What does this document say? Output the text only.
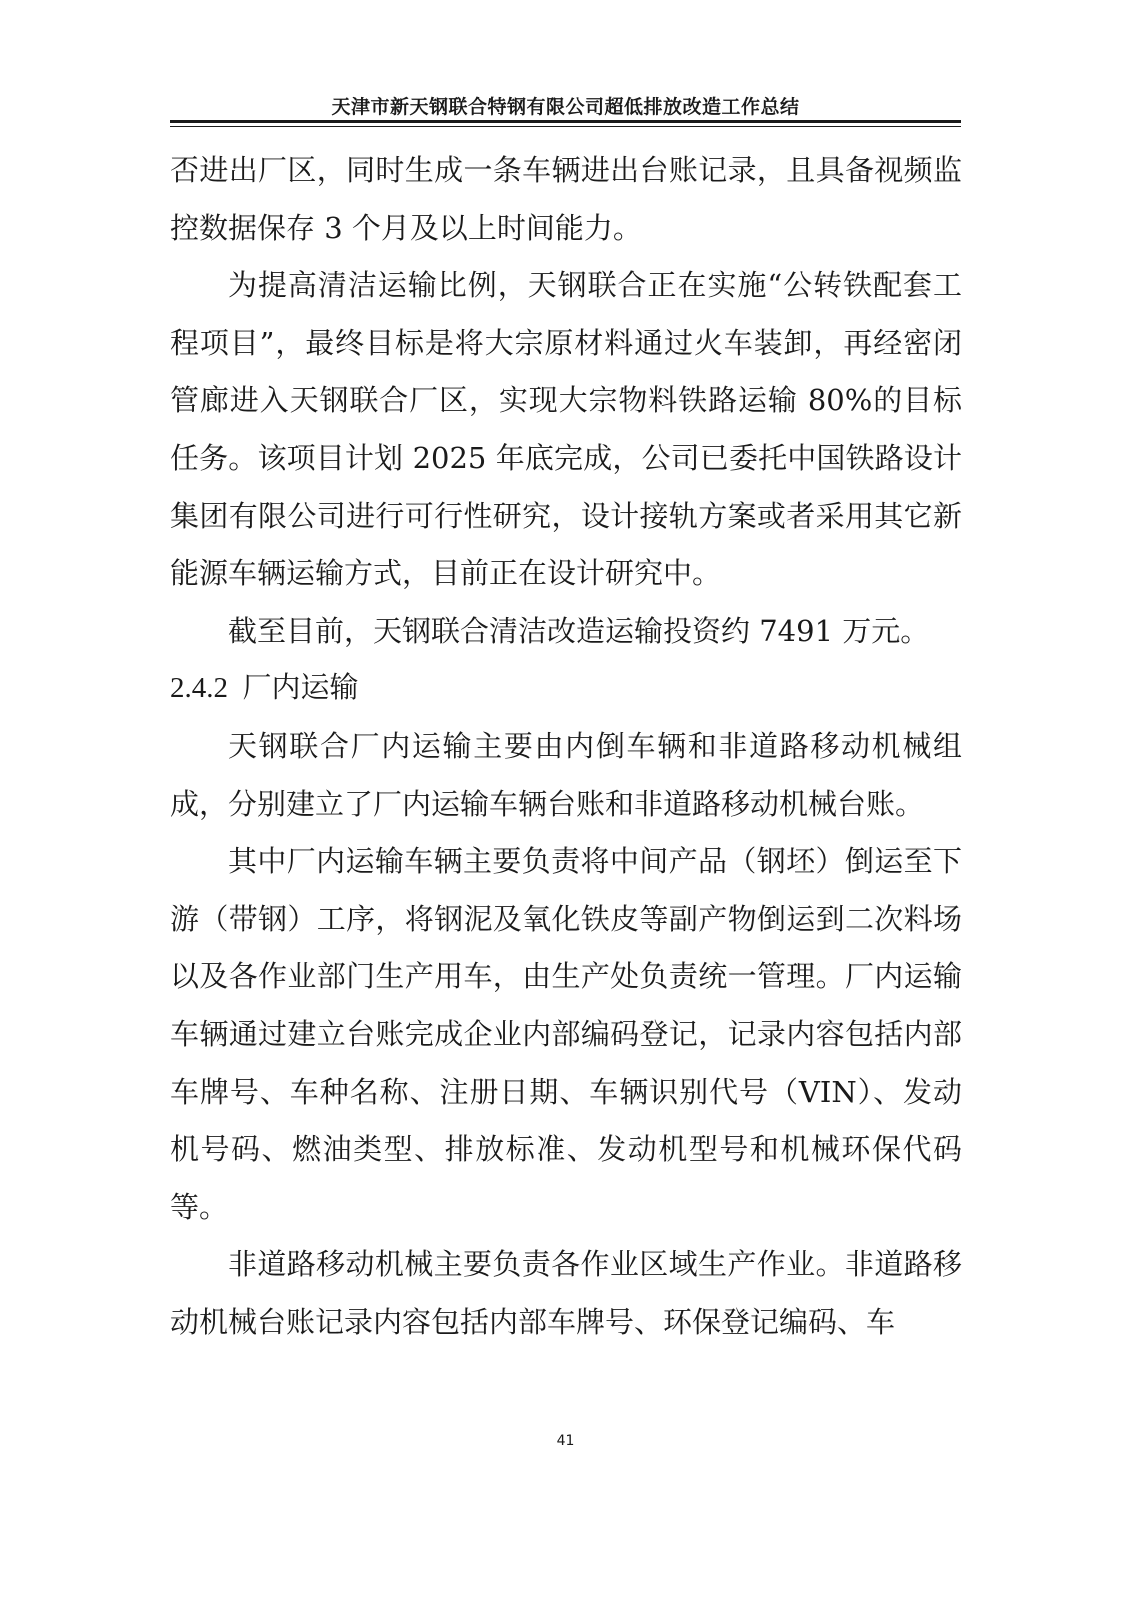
天津市新天钢联合特钢有限公司超低排放改造工作总结

否进出厂区，同时生成一条车辆进出台账记录，且具备视频监控数据保存 3 个月及以上时间能力。

为提高清洁运输比例，天钢联合正在实施“公转铁配套工程项目”，最终目标是将大宗原材料通过火车装卸，再经密闭管廊进入天钢联合厂区，实现大宗物料铁路运输 80%的目标任务。该项目计划 2025 年底完成，公司已委托中国铁路设计集团有限公司进行可行性研究，设计接轨方案或者采用其它新能源车辆运输方式，目前正在设计研究中。

截至目前，天钢联合清洁改造运输投资约 7491 万元。

2.4.2 厂内运输

天钢联合厂内运输主要由内倒车辆和非道路移动机械组成，分别建立了厂内运输车辆台账和非道路移动机械台账。

其中厂内运输车辆主要负责将中间产品（钢坯）倒运至下游（带钢）工序，将钢泥及氧化铁皮等副产物倒运到二次料场以及各作业部门生产用车，由生产处负责统一管理。厂内运输车辆通过建立台账完成企业内部编码登记，记录内容包括内部车牌号、车种名称、注册日期、车辆识别代号（VIN）、发动机号码、燃油类型、排放标准、发动机型号和机械环保代码等。

非道路移动机械主要负责各作业区域生产作业。非道路移动机械台账记录内容包括内部车牌号、环保登记编码、车

41
